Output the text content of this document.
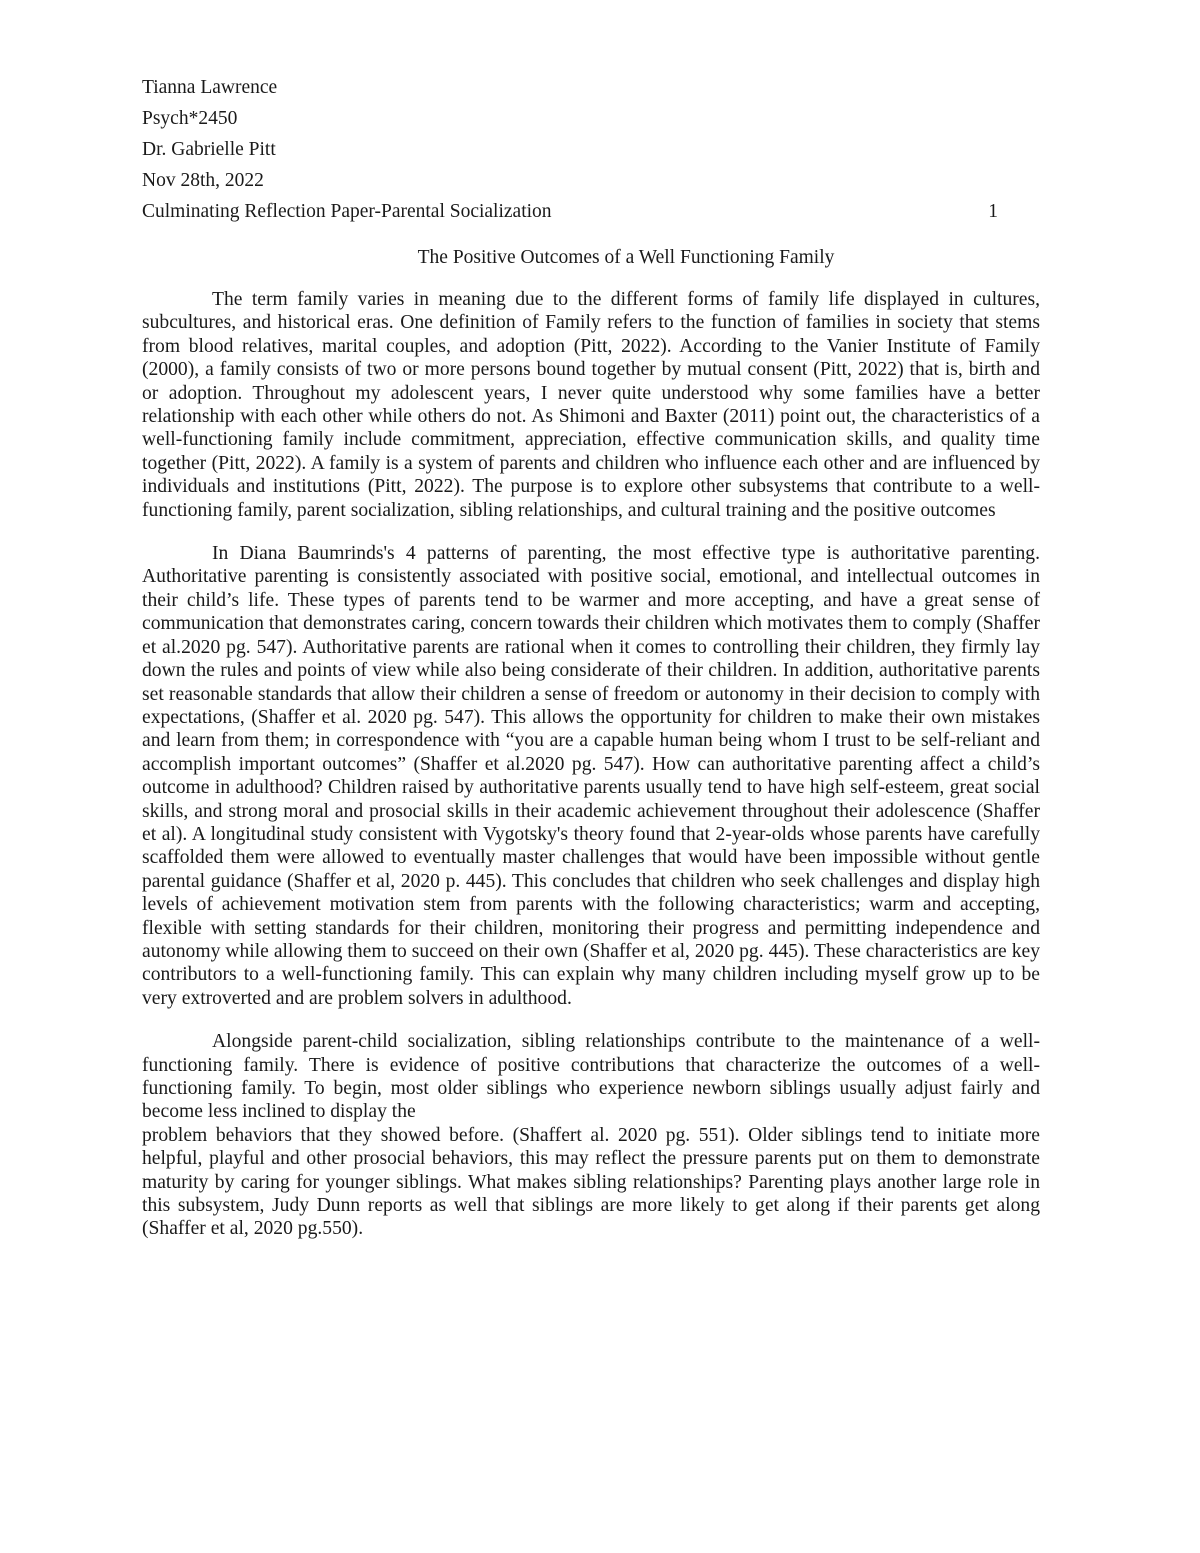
Tianna Lawrence
Psych*2450
Dr. Gabrielle Pitt
Nov 28th, 2022
Culminating Reflection Paper-Parental Socialization	1
The Positive Outcomes of a Well Functioning Family

The term family varies in meaning due to the different forms of family life displayed in cultures, subcultures, and historical eras. One definition of Family refers to the function of families in society that stems from blood relatives, marital couples, and adoption (Pitt, 2022). According to the Vanier Institute of Family (2000), a family consists of two or more persons bound together by mutual consent (Pitt, 2022) that is, birth and or adoption. Throughout my adolescent years, I never quite understood why some families have a better relationship with each other while others do not. As Shimoni and Baxter (2011) point out, the characteristics of a well-functioning family include commitment, appreciation, effective communication skills, and quality time together (Pitt, 2022). A family is a system of parents and children who influence each other and are influenced by individuals and institutions (Pitt, 2022). The purpose is to explore other subsystems that contribute to a well-functioning family, parent socialization, sibling relationships, and cultural training and the positive outcomes

In Diana Baumrinds's 4 patterns of parenting, the most effective type is authoritative parenting. Authoritative parenting is consistently associated with positive social, emotional, and intellectual outcomes in their child’s life. These types of parents tend to be warmer and more accepting, and have a great sense of communication that demonstrates caring, concern towards their children which motivates them to comply (Shaffer et al.2020 pg. 547). Authoritative parents are rational when it comes to controlling their children, they firmly lay down the rules and points of view while also being considerate of their children. In addition, authoritative parents set reasonable standards that allow their children a sense of freedom or autonomy in their decision to comply with expectations, (Shaffer et al. 2020 pg. 547). This allows the opportunity for children to make their own mistakes and learn from them; in correspondence with “you are a capable human being whom I trust to be self-reliant and accomplish important outcomes” (Shaffer et al.2020 pg. 547). How can authoritative parenting affect a child’s outcome in adulthood? Children raised by authoritative parents usually tend to have high self-esteem, great social skills, and strong moral and prosocial skills in their academic achievement throughout their adolescence (Shaffer et al). A longitudinal study consistent with Vygotsky's theory found that 2-year-olds whose parents have carefully scaffolded them were allowed to eventually master challenges that would have been impossible without gentle parental guidance (Shaffer et al, 2020 p. 445). This concludes that children who seek challenges and display high levels of achievement motivation stem from parents with the following characteristics; warm and accepting, flexible with setting standards for their children, monitoring their progress and permitting independence and autonomy while allowing them to succeed on their own (Shaffer et al, 2020 pg. 445). These characteristics are key contributors to a well-functioning family. This can explain why many children including myself grow up to be very extroverted and are problem solvers in adulthood.

Alongside parent-child socialization, sibling relationships contribute to the maintenance of a well-functioning family. There is evidence of positive contributions that characterize the outcomes of a well-functioning family. To begin, most older siblings who experience newborn siblings usually adjust fairly and become less inclined to display the

problem behaviors that they showed before. (Shaffert al. 2020 pg. 551). Older siblings tend to initiate more helpful, playful and other prosocial behaviors, this may reflect the pressure parents put on them to demonstrate maturity by caring for younger siblings. What makes sibling relationships? Parenting plays another large role in this subsystem, Judy Dunn reports as well that siblings are more likely to get along if their parents get along (Shaffer et al, 2020 pg.550).
